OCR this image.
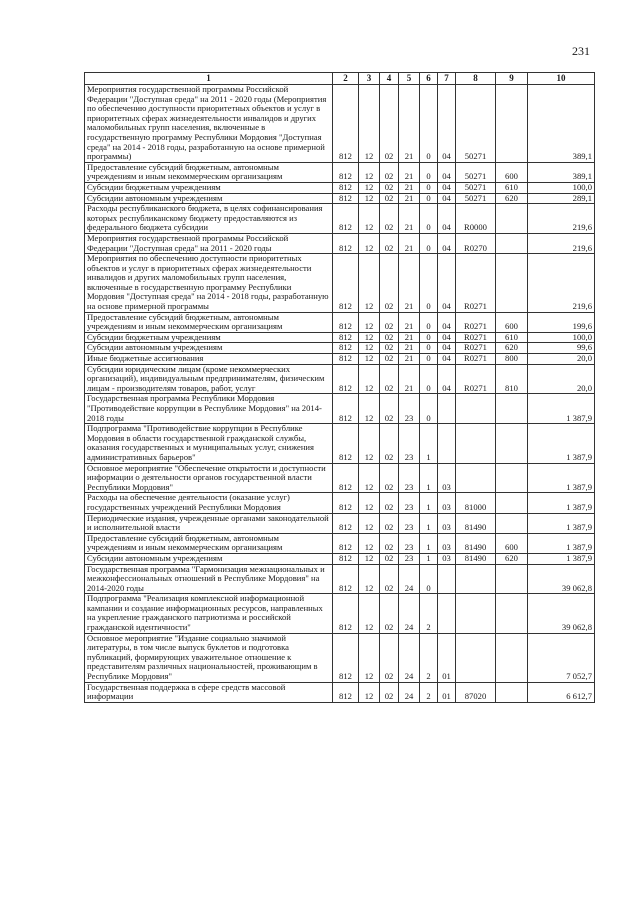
231
1	2	3	4	5	6	7	8	9	10
Мероприятия государственной программы Российской Федерации "Доступная среда" на 2011 - 2020 годы (Мероприятия по обеспечению доступности приоритетных объектов и услуг в приоритетных сферах жизнедеятельности инвалидов и других маломобильных групп населения, включенные в государственную программу Республики Мордовия "Доступная среда" на 2014 - 2018 годы, разработанную на основе примерной программы)	812	12	02	21	0	04	50271		389,1
Предоставление субсидий бюджетным, автономным учреждениям и иным некоммерческим организациям	812	12	02	21	0	04	50271	600	389,1
Субсидии бюджетным учреждениям	812	12	02	21	0	04	50271	610	100,0
Субсидии автономным учреждениям	812	12	02	21	0	04	50271	620	289,1
Расходы республиканского бюджета, в целях софинансирования которых республиканскому бюджету предоставляются из федерального бюджета субсидии	812	12	02	21	0	04	R0000		219,6
Мероприятия государственной программы Российской Федерации "Доступная среда" на 2011 - 2020 годы	812	12	02	21	0	04	R0270		219,6
Мероприятия по обеспечению доступности приоритетных объектов и услуг в приоритетных сферах жизнедеятельности инвалидов и других маломобильных групп населения, включенные в государственную программу Республики Мордовия "Доступная среда" на 2014 - 2018 годы, разработанную на основе примерной программы	812	12	02	21	0	04	R0271		219,6
Предоставление субсидий бюджетным, автономным учреждениям и иным некоммерческим организациям	812	12	02	21	0	04	R0271	600	199,6
Субсидии бюджетным учреждениям	812	12	02	21	0	04	R0271	610	100,0
Субсидии автономным учреждениям	812	12	02	21	0	04	R0271	620	99,6
Иные бюджетные ассигнования	812	12	02	21	0	04	R0271	800	20,0
Субсидии юридическим лицам (кроме некоммерческих организаций), индивидуальным предпринимателям, физическим лицам - производителям товаров, работ, услуг	812	12	02	21	0	04	R0271	810	20,0
Государственная программа Республики Мордовия "Противодействие коррупции в Республике Мордовия" на 2014-2018 годы	812	12	02	23	0				1 387,9
Подпрограмма "Противодействие коррупции в Республике Мордовия в области государственной гражданской службы, оказания государственных и муниципальных услуг, снижения административных барьеров"	812	12	02	23	1				1 387,9
Основное мероприятие "Обеспечение открытости и доступности информации о деятельности органов государственной власти Республики Мордовия"	812	12	02	23	1	03			1 387,9
Расходы на обеспечение деятельности (оказание услуг) государственных учреждений Республики Мордовия	812	12	02	23	1	03	81000		1 387,9
Периодические издания, учрежденные органами законодательной и исполнительной власти	812	12	02	23	1	03	81490		1 387,9
Предоставление субсидий бюджетным, автономным учреждениям и иным некоммерческим организациям	812	12	02	23	1	03	81490	600	1 387,9
Субсидии автономным учреждениям	812	12	02	23	1	03	81490	620	1 387,9
Государственная программа "Гармонизация межнациональных и межконфессиональных отношений в Республике Мордовия" на 2014-2020 годы	812	12	02	24	0				39 062,8
Подпрограмма "Реализация комплексной информационной кампании и создание информационных ресурсов, направленных на укрепление гражданского патриотизма и российской гражданской идентичности"	812	12	02	24	2				39 062,8
Основное мероприятие "Издание социально значимой литературы, в том числе выпуск буклетов и подготовка публикаций, формирующих уважительное отношение к представителям различных национальностей, проживающим в Республике Мордовия"	812	12	02	24	2	01			7 052,7
Государственная поддержка в сфере средств массовой информации	812	12	02	24	2	01	87020		6 612,7
